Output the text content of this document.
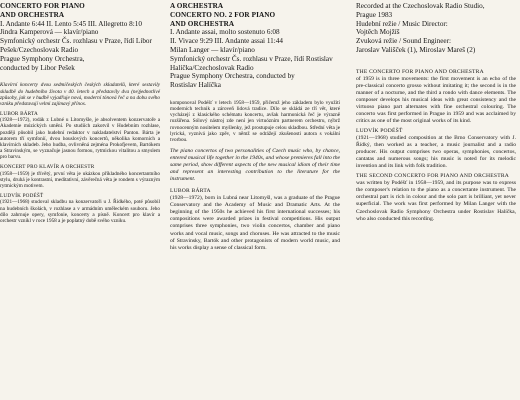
CONCERTO FOR PIANO
AND ORCHESTRA
I. Andante 6:44 II. Lento 5:45 III. Allegretto 8:10
Jindra Kamperová — klavír/piano
Symfonický orchestr Čs. rozhlasu v Praze, řídí Libor Pešek/Czechoslovak Radio
Prague Symphony Orchestra,
conducted by Libor Pešek

Klavírní koncerty dvou sedmičeských českých skladatelů, které sestavily skladbě do hudebního života v 40. letech a představily dva (ne)jednotlivé způsoby, jak se v hudbě vyjadřuje nová, moderní tónová řeč a na dobu svého vzniku představují velmi zajímavý přínos.

LUBOR BÁRTA

(1928—1972), rodák z Lubné u Litomyšle, je absolventem konzervatoře a Akademie múzických umění. Po studiích zakotvil v Hudebním rozhlase, později působil jako hudební redaktor v nakladatelství Panton. Bárta je autorem tří symfonií, dvou houslových koncertů, několika komorních a klavírních skladeb. Jeho hudba, ovlivněná zejména Prokofjevem, Bartókem a Stravinským, se vyznačuje jasnou formou, rytmickou vitalitou a smyslem pro barvu.

KONCERT PRO KLAVÍR A ORCHESTR

(1958—1959) je třívětý, první věta je ukázkou příkladného koncertantního stylu, druhá je kontrastní, meditativní, závěrečná věta je rondem s výrazným rytmickým motivem.

LUDVÍK PODÉŠŤ

(1921—1968) studoval skladbu na konzervatoři u J. Řídkého, poté působil na hudebních školách, v rozhlase a v armádním uměleckém souboru. Jeho dílo zahrnuje opery, symfonie, koncerty a písně. Koncert pro klavír a orchestr vznikl v roce 1958 a je poplatný době svého vzniku.

A ORCHESTRA
CONCERTO NO. 2 FOR PIANO
AND ORCHESTRA
I. Andante assai, molto sostenuto 6:08
II. Vivace 9:29 III. Andante assai 11:44
Milan Langer — klavír/piano
Symfonický orchestr Čs. rozhlasu v Praze, řídí Rostislav Halíčka/Czechoslovak Radio
Prague Symphony Orchestra, conducted by
Rostislav Halíčka

komponoval Podéšť v letech 1958—1959, přičemž jeho základem bylo využití moderních technik a zároveň lidová tradice. Dílo se skládá ze tří vět, které vycházejí z klasického schématu koncertu, avšak harmonická řeč je výrazně rozšířena. Sólový nástroj zde není jen virtuózním partnerem orchestru, nýbrž rovnocenným nositelem myšlenky, jež prostupuje celou skladbou. Střední věta je lyrická, vyznívá jako zpěv, v němž se odrážejí zkušenosti autora s vokální tvorbou.

The piano concertos of two personalities of Czech music who, by chance, entered musical life together in the 1940s, and whose premieres fall into the same period, show different aspects of the new musical idiom of their time and represent an interesting contribution to the literature for the instrument.

LUBOR BÁRTA

(1928—1972), born in Lubná near Litomyšl, was a graduate of the Prague Conservatory and the Academy of Music and Dramatic Arts. At the beginning of the 1950s he achieved his first international successes; his compositions were awarded prizes in festival competitions. His output comprises three symphonies, two violin concertos, chamber and piano works and vocal music, songs and choruses. He was attracted to the music of Stravinsky, Bartók and other protagonists of modern world music, and his works display a sense of classical form.

Recorded at the Czechoslovak Radio Studio,
Prague 1983
Hudební režie / Music Director:
Vojtěch Mojžíš
Zvuková režie / Sound Engineer:
Jaroslav Vališček (1), Miroslav Mareš (2)

THE CONCERTO FOR PIANO AND ORCHESTRA

of 1959 is in three movements: the first movement is an echo of the pre-classical concerto grosso without imitating it; the second is in the manner of a nocturne, and the third a rondo with dance elements. The composer develops his musical ideas with great consistency and the virtuoso piano part alternates with fine orchestral colouring. The concerto was first performed in Prague in 1959 and was acclaimed by critics as one of the most original works of its kind.

LUDVÍK PODÉŠŤ

(1921—1968) studied composition at the Brno Conservatory with J. Řídký, then worked as a teacher, a music journalist and a radio producer. His output comprises two operas, symphonies, concertos, cantatas and numerous songs; his music is noted for its melodic invention and its link with folk tradition.

THE SECOND CONCERTO FOR PIANO AND ORCHESTRA

was written by Podéšť in 1958—1959, and its purpose was to express the composer's relation to the piano as a concertante instrument. The orchestral part is rich in colour and the solo part is brilliant, yet never superficial. The work was first performed by Milan Langer with the Czechoslovak Radio Symphony Orchestra under Rostislav Halíčka, who also conducted this recording.
